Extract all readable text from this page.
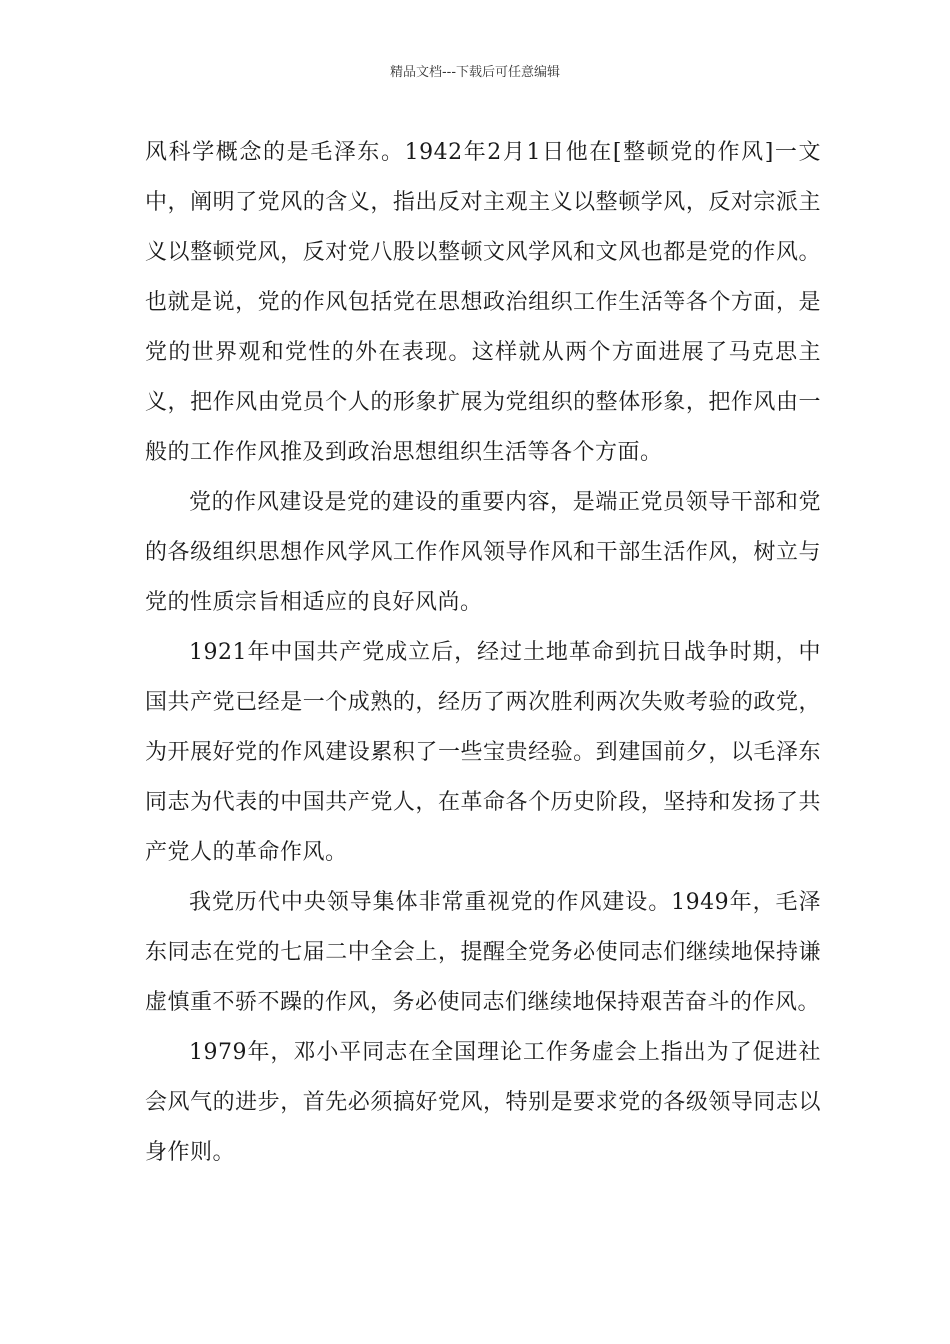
精品文档---下载后可任意编辑

风科学概念的是毛泽东。1942年2月1日他在[整顿党的作风]一文中，阐明了党风的含义，指出反对主观主义以整顿学风，反对宗派主义以整顿党风，反对党八股以整顿文风学风和文风也都是党的作风。也就是说，党的作风包括党在思想政治组织工作生活等各个方面，是党的世界观和党性的外在表现。这样就从两个方面进展了马克思主义，把作风由党员个人的形象扩展为党组织的整体形象，把作风由一般的工作作风推及到政治思想组织生活等各个方面。

党的作风建设是党的建设的重要内容，是端正党员领导干部和党的各级组织思想作风学风工作作风领导作风和干部生活作风，树立与党的性质宗旨相适应的良好风尚。

1921年中国共产党成立后，经过土地革命到抗日战争时期，中国共产党已经是一个成熟的，经历了两次胜利两次失败考验的政党，为开展好党的作风建设累积了一些宝贵经验。到建国前夕，以毛泽东同志为代表的中国共产党人，在革命各个历史阶段，坚持和发扬了共产党人的革命作风。

我党历代中央领导集体非常重视党的作风建设。1949年，毛泽东同志在党的七届二中全会上，提醒全党务必使同志们继续地保持谦虚慎重不骄不躁的作风，务必使同志们继续地保持艰苦奋斗的作风。

1979年，邓小平同志在全国理论工作务虚会上指出为了促进社会风气的进步，首先必须搞好党风，特别是要求党的各级领导同志以身作则。
